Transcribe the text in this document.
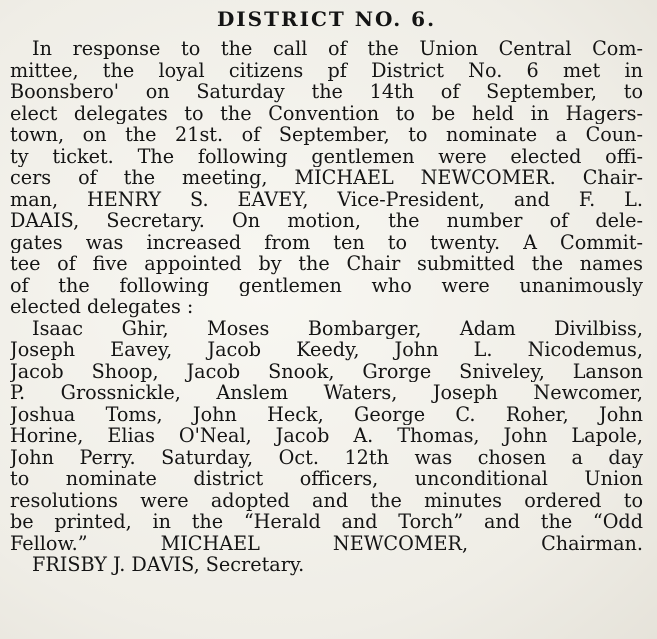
DISTRICT NO. 6.
In response to the call of the Union Central Com-
mittee, the loyal citizens pf District No. 6 met in
Boonsbero' on Saturday the 14th of September, to
elect delegates to the Convention to be held in Hagers-
town, on the 21st. of September, to nominate a Coun-
ty ticket. The following gentlemen were elected offi-
cers of the meeting, MICHAEL NEWCOMER. Chair-
man, HENRY S. EAVEY, Vice-President, and F. L.
DAAIS, Secretary. On motion, the number of dele-
gates was increased from ten to twenty. A Commit-
tee of five appointed by the Chair submitted the names
of the following gentlemen who were unanimously
elected delegates :
Isaac Ghir, Moses Bombarger, Adam Divilbiss,
Joseph Eavey, Jacob Keedy, John L. Nicodemus,
Jacob Shoop, Jacob Snook, Grorge Sniveley, Lanson
P. Grossnickle, Anslem Waters, Joseph Newcomer,
Joshua Toms, John Heck, George C. Roher, John
Horine, Elias O'Neal, Jacob A. Thomas, John Lapole,
John Perry. Saturday, Oct. 12th was chosen a day
to nominate district officers, unconditional Union
resolutions were adopted and the minutes ordered to
be printed, in the “Herald and Torch” and the “Odd
Fellow.” MICHAEL NEWCOMER, Chairman.
FRISBY J. DAVIS, Secretary.
